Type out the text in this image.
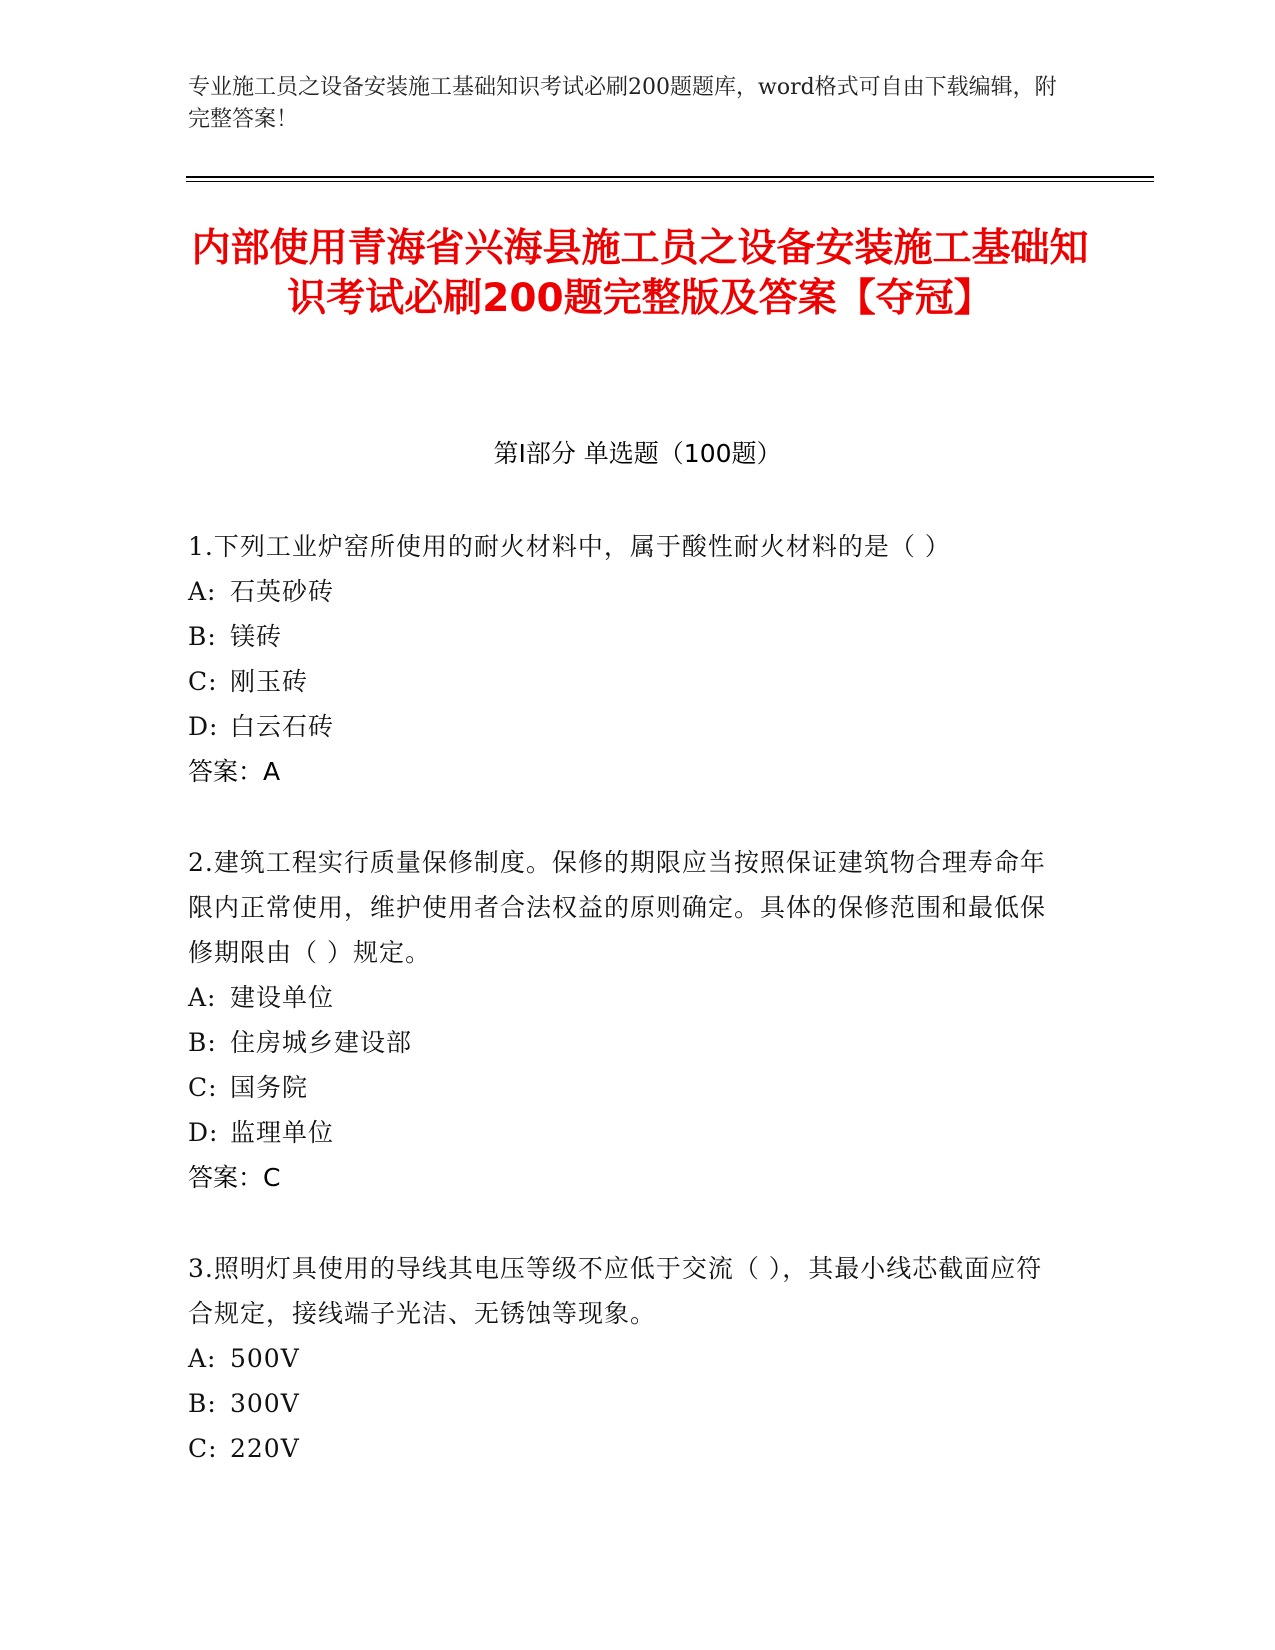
专业施工员之设备安装施工基础知识考试必刷200题题库，word格式可自由下载编辑，附完整答案！
内部使用青海省兴海县施工员之设备安装施工基础知识考试必刷200题完整版及答案【夺冠】
第I部分 单选题（100题）
1.下列工业炉窑所使用的耐火材料中，属于酸性耐火材料的是（ ）
A: 石英砂砖
B: 镁砖
C: 刚玉砖
D: 白云石砖
答案：A
2.建筑工程实行质量保修制度。保修的期限应当按照保证建筑物合理寿命年限内正常使用，维护使用者合法权益的原则确定。具体的保修范围和最低保修期限由（ ）规定。
A: 建设单位
B: 住房城乡建设部
C: 国务院
D: 监理单位
答案：C
3.照明灯具使用的导线其电压等级不应低于交流（ ），其最小线芯截面应符合规定，接线端子光洁、无锈蚀等现象。
A: 500V
B: 300V
C: 220V
